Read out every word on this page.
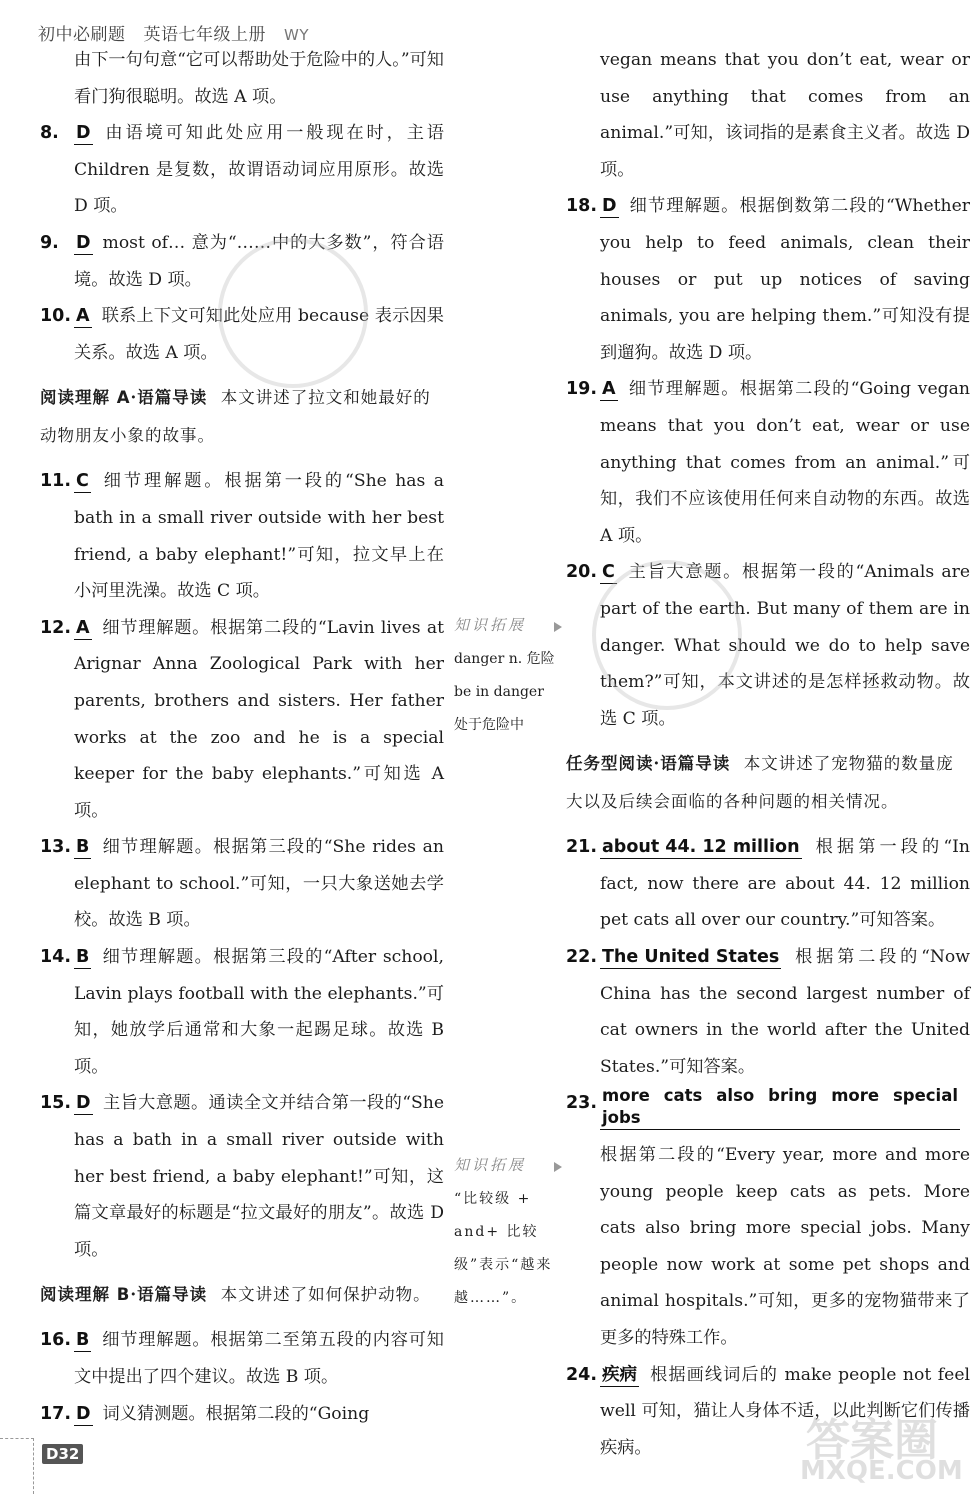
初中必刷题 英语七年级上册 WY
由下一句句意“它可以帮助处于危险中的人。”可知看门狗很聪明。故选 A 项。
8. D 由语境可知此处应用一般现在时，主语 Children 是复数，故谓语动词应用原形。故选 D 项。
9. D most of… 意为“……中的大多数”，符合语境。故选 D 项。
10. A 联系上下文可知此处应用 because 表示因果关系。故选 A 项。
阅读理解 A·语篇导读 本文讲述了拉文和她最好的动物朋友小象的故事。
11. C 细节理解题。根据第一段的“She has a bath in a small river outside with her best friend, a baby elephant!”可知，拉文早上在小河里洗澡。故选 C 项。
12. A 细节理解题。根据第二段的“Lavin lives at Arignar Anna Zoological Park with her parents, brothers and sisters. Her father works at the zoo and he is a special keeper for the baby elephants.”可知选 A 项。
13. B 细节理解题。根据第三段的“She rides an elephant to school.”可知，一只大象送她去学校。故选 B 项。
14. B 细节理解题。根据第三段的“After school, Lavin plays football with the elephants.”可知，她放学后通常和大象一起踢足球。故选 B 项。
15. D 主旨大意题。通读全文并结合第一段的“She has a bath in a small river outside with her best friend, a baby elephant!”可知，这篇文章最好的标题是“拉文最好的朋友”。故选 D 项。
阅读理解 B·语篇导读 本文讲述了如何保护动物。
16. B 细节理解题。根据第二至第五段的内容可知文中提出了四个建议。故选 B 项。
17. D 词义猜测题。根据第二段的“Going
知识拓展
danger n. 危险
be in danger
处于危险中
知识拓展
“比较级 + and+ 比较级”表示“越来越……”。
vegan means that you don’t eat, wear or use anything that comes from an animal.”可知，该词指的是素食主义者。故选 D 项。
18. D 细节理解题。根据倒数第二段的“Whether you help to feed animals, clean their houses or put up notices of saving animals, you are helping them.”可知没有提到遛狗。故选 D 项。
19. A 细节理解题。根据第二段的“Going vegan means that you don’t eat, wear or use anything that comes from an animal.”可知，我们不应该使用任何来自动物的东西。故选 A 项。
20. C 主旨大意题。根据第一段的“Animals are part of the earth. But many of them are in danger. What should we do to help save them?”可知，本文讲述的是怎样拯救动物。故选 C 项。
任务型阅读·语篇导读 本文讲述了宠物猫的数量庞大以及后续会面临的各种问题的相关情况。
21. about 44. 12 million 根据第一段的“In fact, now there are about 44. 12 million pet cats all over our country.”可知答案。
22. The United States 根据第二段的“Now China has the second largest number of cat owners in the world after the United States.”可知答案。
23. more cats also bring more special jobs根据第二段的“Every year, more and more young people keep cats as pets. More cats also bring more special jobs. Many people now work at some pet shops and animal hospitals.”可知，更多的宠物猫带来了更多的特殊工作。
24. 疾病 根据画线词后的 make people not feel well 可知，猫让人身体不适，以此判断它们传播疾病。
D32	答案圈
MXQE.COM
